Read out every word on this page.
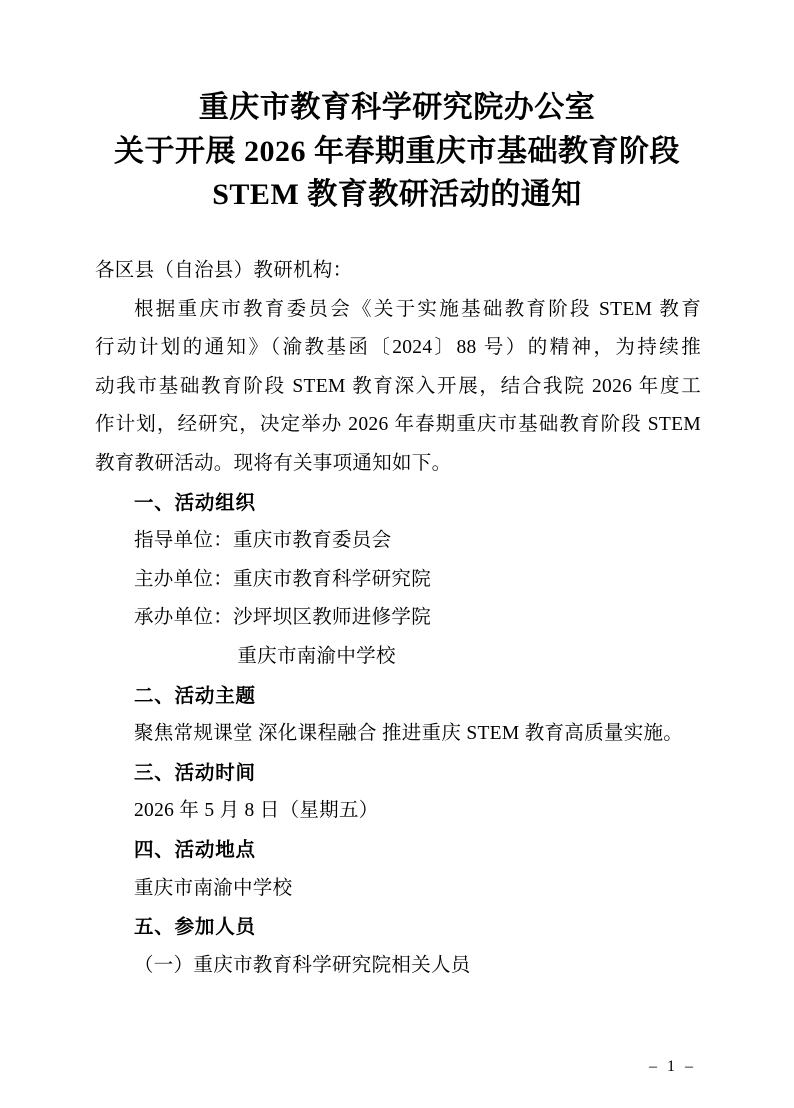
重庆市教育科学研究院办公室
关于开展 2026 年春期重庆市基础教育阶段
STEM 教育教研活动的通知
各区县（自治县）教研机构：
根据重庆市教育委员会《关于实施基础教育阶段 STEM 教育
行动计划的通知》（渝教基函〔2024〕88 号）的精神，为持续推
动我市基础教育阶段 STEM 教育深入开展，结合我院 2026 年度工
作计划，经研究，决定举办 2026 年春期重庆市基础教育阶段 STEM
教育教研活动。现将有关事项通知如下。
一、活动组织
指导单位：重庆市教育委员会
主办单位：重庆市教育科学研究院
承办单位：沙坪坝区教师进修学院
重庆市南渝中学校
二、活动主题
聚焦常规课堂 深化课程融合 推进重庆 STEM 教育高质量实施。
三、活动时间
2026 年 5 月 8 日（星期五）
四、活动地点
重庆市南渝中学校
五、参加人员
（一）重庆市教育科学研究院相关人员
– 1 –
